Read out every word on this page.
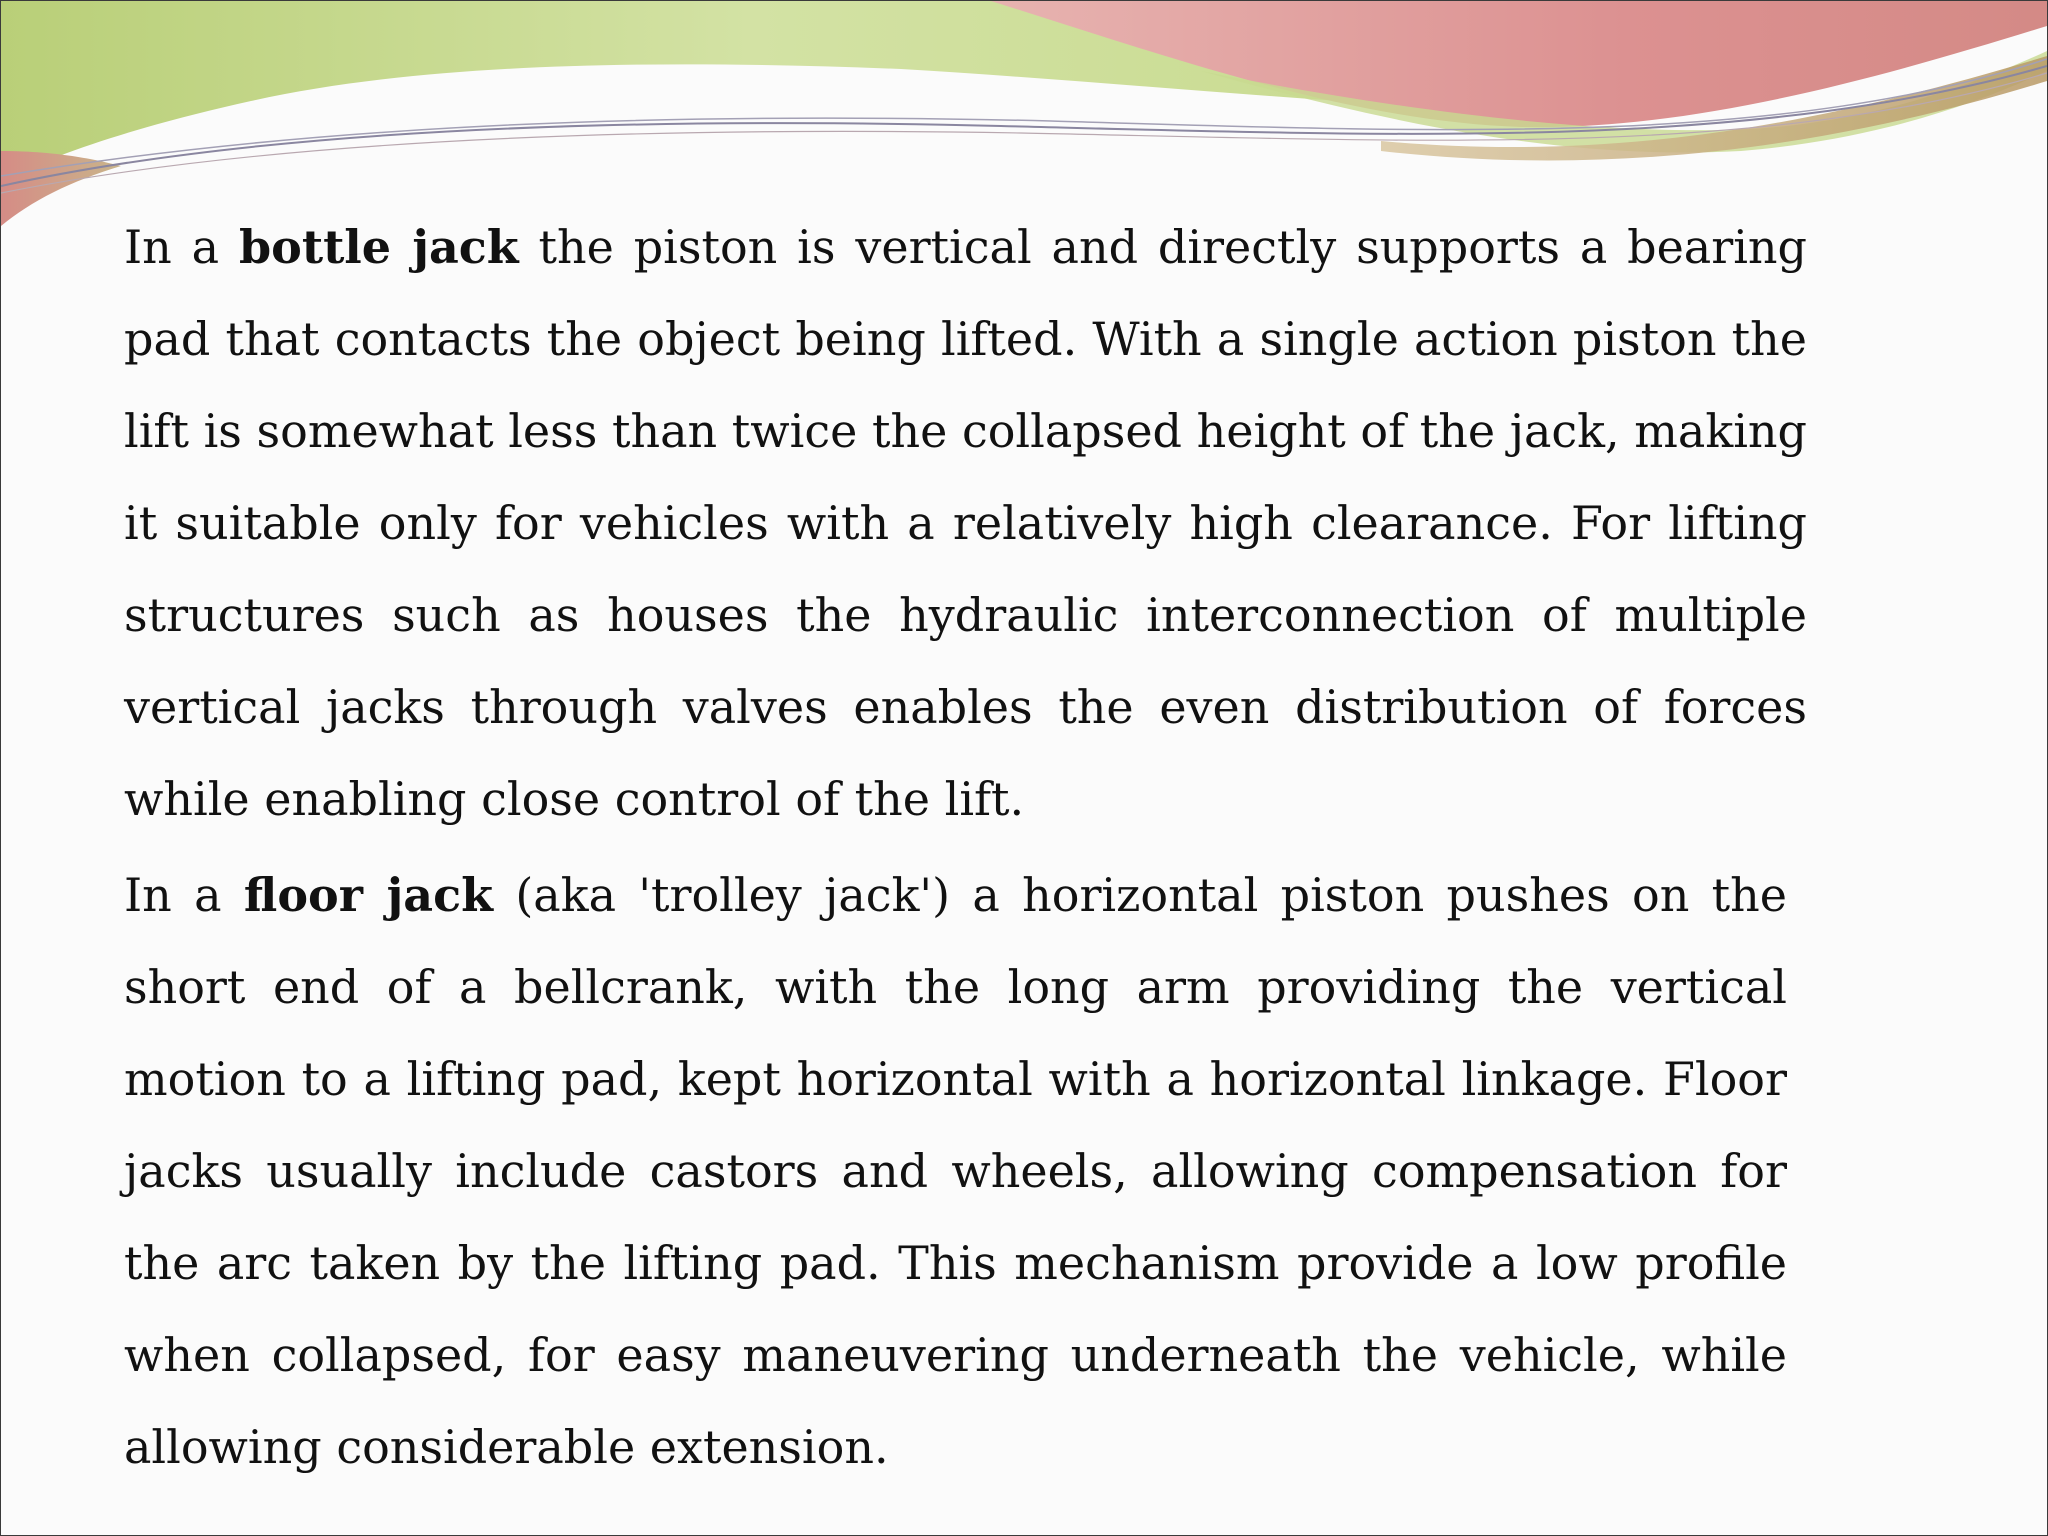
In a bottle jack the piston is vertical and directly supports a bearing pad that contacts the object being lifted. With a single action piston the lift is somewhat less than twice the collapsed height of the jack, making it suitable only for vehicles with a relatively high clearance. For lifting structures such as houses the hydraulic interconnection of multiple vertical jacks through valves enables the even distribution of forces while enabling close control of the lift.

In a floor jack (aka 'trolley jack') a horizontal piston pushes on the short end of a bellcrank, with the long arm providing the vertical motion to a lifting pad, kept horizontal with a horizontal linkage. Floor jacks usually include castors and wheels, allowing compensation for the arc taken by the lifting pad. This mechanism provide a low profile when collapsed, for easy maneuvering underneath the vehicle, while allowing considerable extension.
